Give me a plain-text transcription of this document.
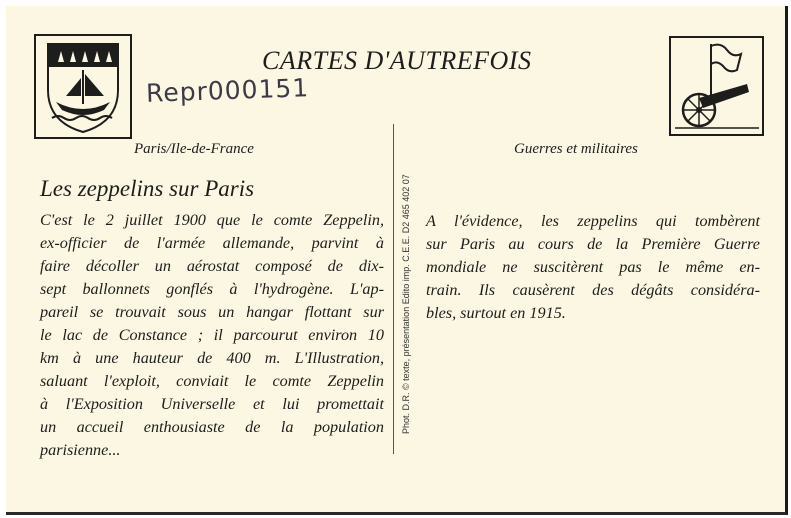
CARTES D'AUTREFOIS
Repr000151
Paris/Ile-de-France	Guerres et militaires
Phot. D.R. © texte, présentation Edito imp. C.E.E. D2 465 402 07
Les zeppelins sur Paris
C'est le 2 juillet 1900 que le comte Zeppelin,
ex-officier de l'armée allemande, parvint à
faire décoller un aérostat composé de dix-
sept ballonnets gonflés à l'hydrogène. L'ap-
pareil se trouvait sous un hangar flottant sur
le lac de Constance ; il parcourut environ 10
km à une hauteur de 400 m. L'Illustration,
saluant l'exploit, conviait le comte Zeppelin
à l'Exposition Universelle et lui promettait
un accueil enthousiaste de la population
parisienne...
A l'évidence, les zeppelins qui tombèrent
sur Paris au cours de la Première Guerre
mondiale ne suscitèrent pas le même en-
train. Ils causèrent des dégâts considéra-
bles, surtout en 1915.
